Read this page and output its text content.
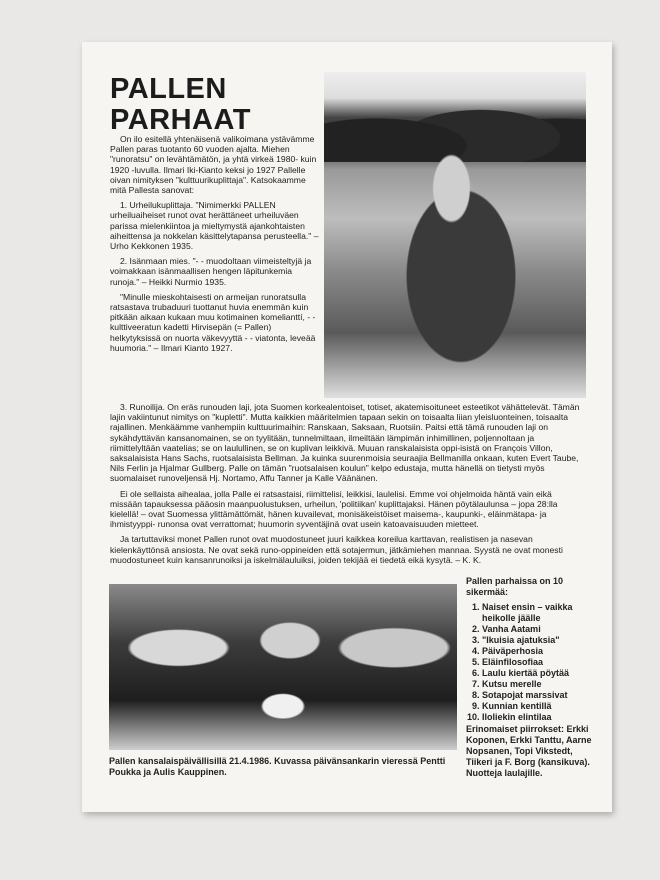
PALLEN
PARHAAT

On ilo esitellä yhtenäisenä valikoimana ystävämme Pallen paras tuotanto 60 vuoden ajalta. Miehen "runoratsu" on levähtämätön, ja yhtä virkeä 1980- kuin 1920 -luvulla. Ilmari Iki-Kianto keksi jo 1927 Pallelle oivan nimityksen "kulttuurikuplittaja". Katsokaamme mitä Pallesta sanovat:

1. Urheilukuplittaja. "Nimimerkki PALLEN urheiluaiheiset runot ovat herättäneet urheiluväen parissa mielenkiintoa ja mieltymystä ajankohtaisten aiheittensa ja nokkelan käsittelytapansa perusteella." – Urho Kekkonen 1935.

2. Isänmaan mies. "- - muodoltaan viimeisteltyjä ja voimakkaan isänmaallisen hengen läpitunkemia runoja." – Heikki Nurmio 1935.

"Minulle mieskohtaisesti on armeijan runoratsulla ratsastava trubaduuri tuottanut huvia enemmän kuin pitkään aikaan kukaan muu kotimainen komelianttí, - - kulttiveeratun kadetti Hirvisepän (= Pallen) helkytyksissä on nuorta väkevyyttä - - viatonta, leveää huumoria." – Ilmari Kianto 1927.

3. Runoilija. On eräs runouden laji, jota Suomen korkealentoiset, totiset, akatemisoituneet esteetikot vähättelevät. Tämän lajin vakiintunut nimitys on "kupletti". Mutta kaikkien määritelmien tapaan sekin on toisaalta liian yleisluonteinen, toisaalta rajallinen. Menkäämme vanhempiin kulttuurimaihin: Ranskaan, Saksaan, Ruotsiin. Paitsi että tämä runouden laji on sykähdyttävän kansanomainen, se on tyylitään, tunnelmiltaan, ilmeiltään lämpimän inhimillinen, poljennoltaan ja riimittelyltään vaatelias; se on laulullinen, se on kuplivan leikkivä. Muuan ranskalaisista oppi-isistä on François Villon, saksalaisista Hans Sachs, ruotsalaisista Bellman. Ja kuinka suurenmoisia seuraajia Bellmanilla onkaan, kuten Evert Taube, Nils Ferlin ja Hjalmar Gullberg. Palle on tämän "ruotsalaisen koulun" kelpo edustaja, mutta hänellä on tietysti myös suomalaiset runoveljensä Hj. Nortamo, Affu Tanner ja Kalle Väänänen.

Ei ole sellaista aihealaa, jolla Palle ei ratsastaisi, riimittelisi, leikkisi, laulelisi. Emme voi ohjelmoida häntä vain eikä missään tapauksessa pääosin maanpuolustuksen, urheilun, 'politiikan' kuplittajaksi. Hänen pöytälaulunsa – jopa 28:lla kielellä! – ovat Suomessa ylittämättömät, hänen kuvailevat, monisäkeistöiset maisema-, kaupunki-, eläinmätapa- ja ihmistyyppi- runonsa ovat verrattomat; huumorin syventäjinä ovat usein katoavaisuuden mietteet.

Ja tartuttaviksi monet Pallen runot ovat muodostuneet juuri kaikkea koreilua karttavan, realistisen ja nasevan kielenkäyttönsä ansiosta. Ne ovat sekä runo-oppineiden että sotajermun, jätkämiehen mannaa. Syystä ne ovat monesti muodostuneet kuin kansanrunoiksi ja iskelmälauluiksi, joiden tekijää ei tiedetä eikä kysytä. – K. K.

Pallen kansalaispäivällisillä 21.4.1986. Kuvassa päivänsankarin vieressä Pentti Poukka ja Aulis Kauppinen.
Pallen parhaissa on 10 sikermää:
1. Naiset ensin – vaikka heikolle jäälle
2. Vanha Aatami
3. "Ikuisia ajatuksia"
4. Päiväperhosia
5. Eläinfilosofiaa
6. Laulu kiertää pöytää
7. Kutsu merelle
8. Sotapojat marssivat
9. Kunnian kentillä
10. Iloliekin elintilaa
Erinomaiset piirrokset: Erkki Koponen, Erkki Tanttu, Aarne Nopsanen, Topi Vikstedt, Tiikeri ja F. Borg (kansikuva). Nuotteja laulajille.
